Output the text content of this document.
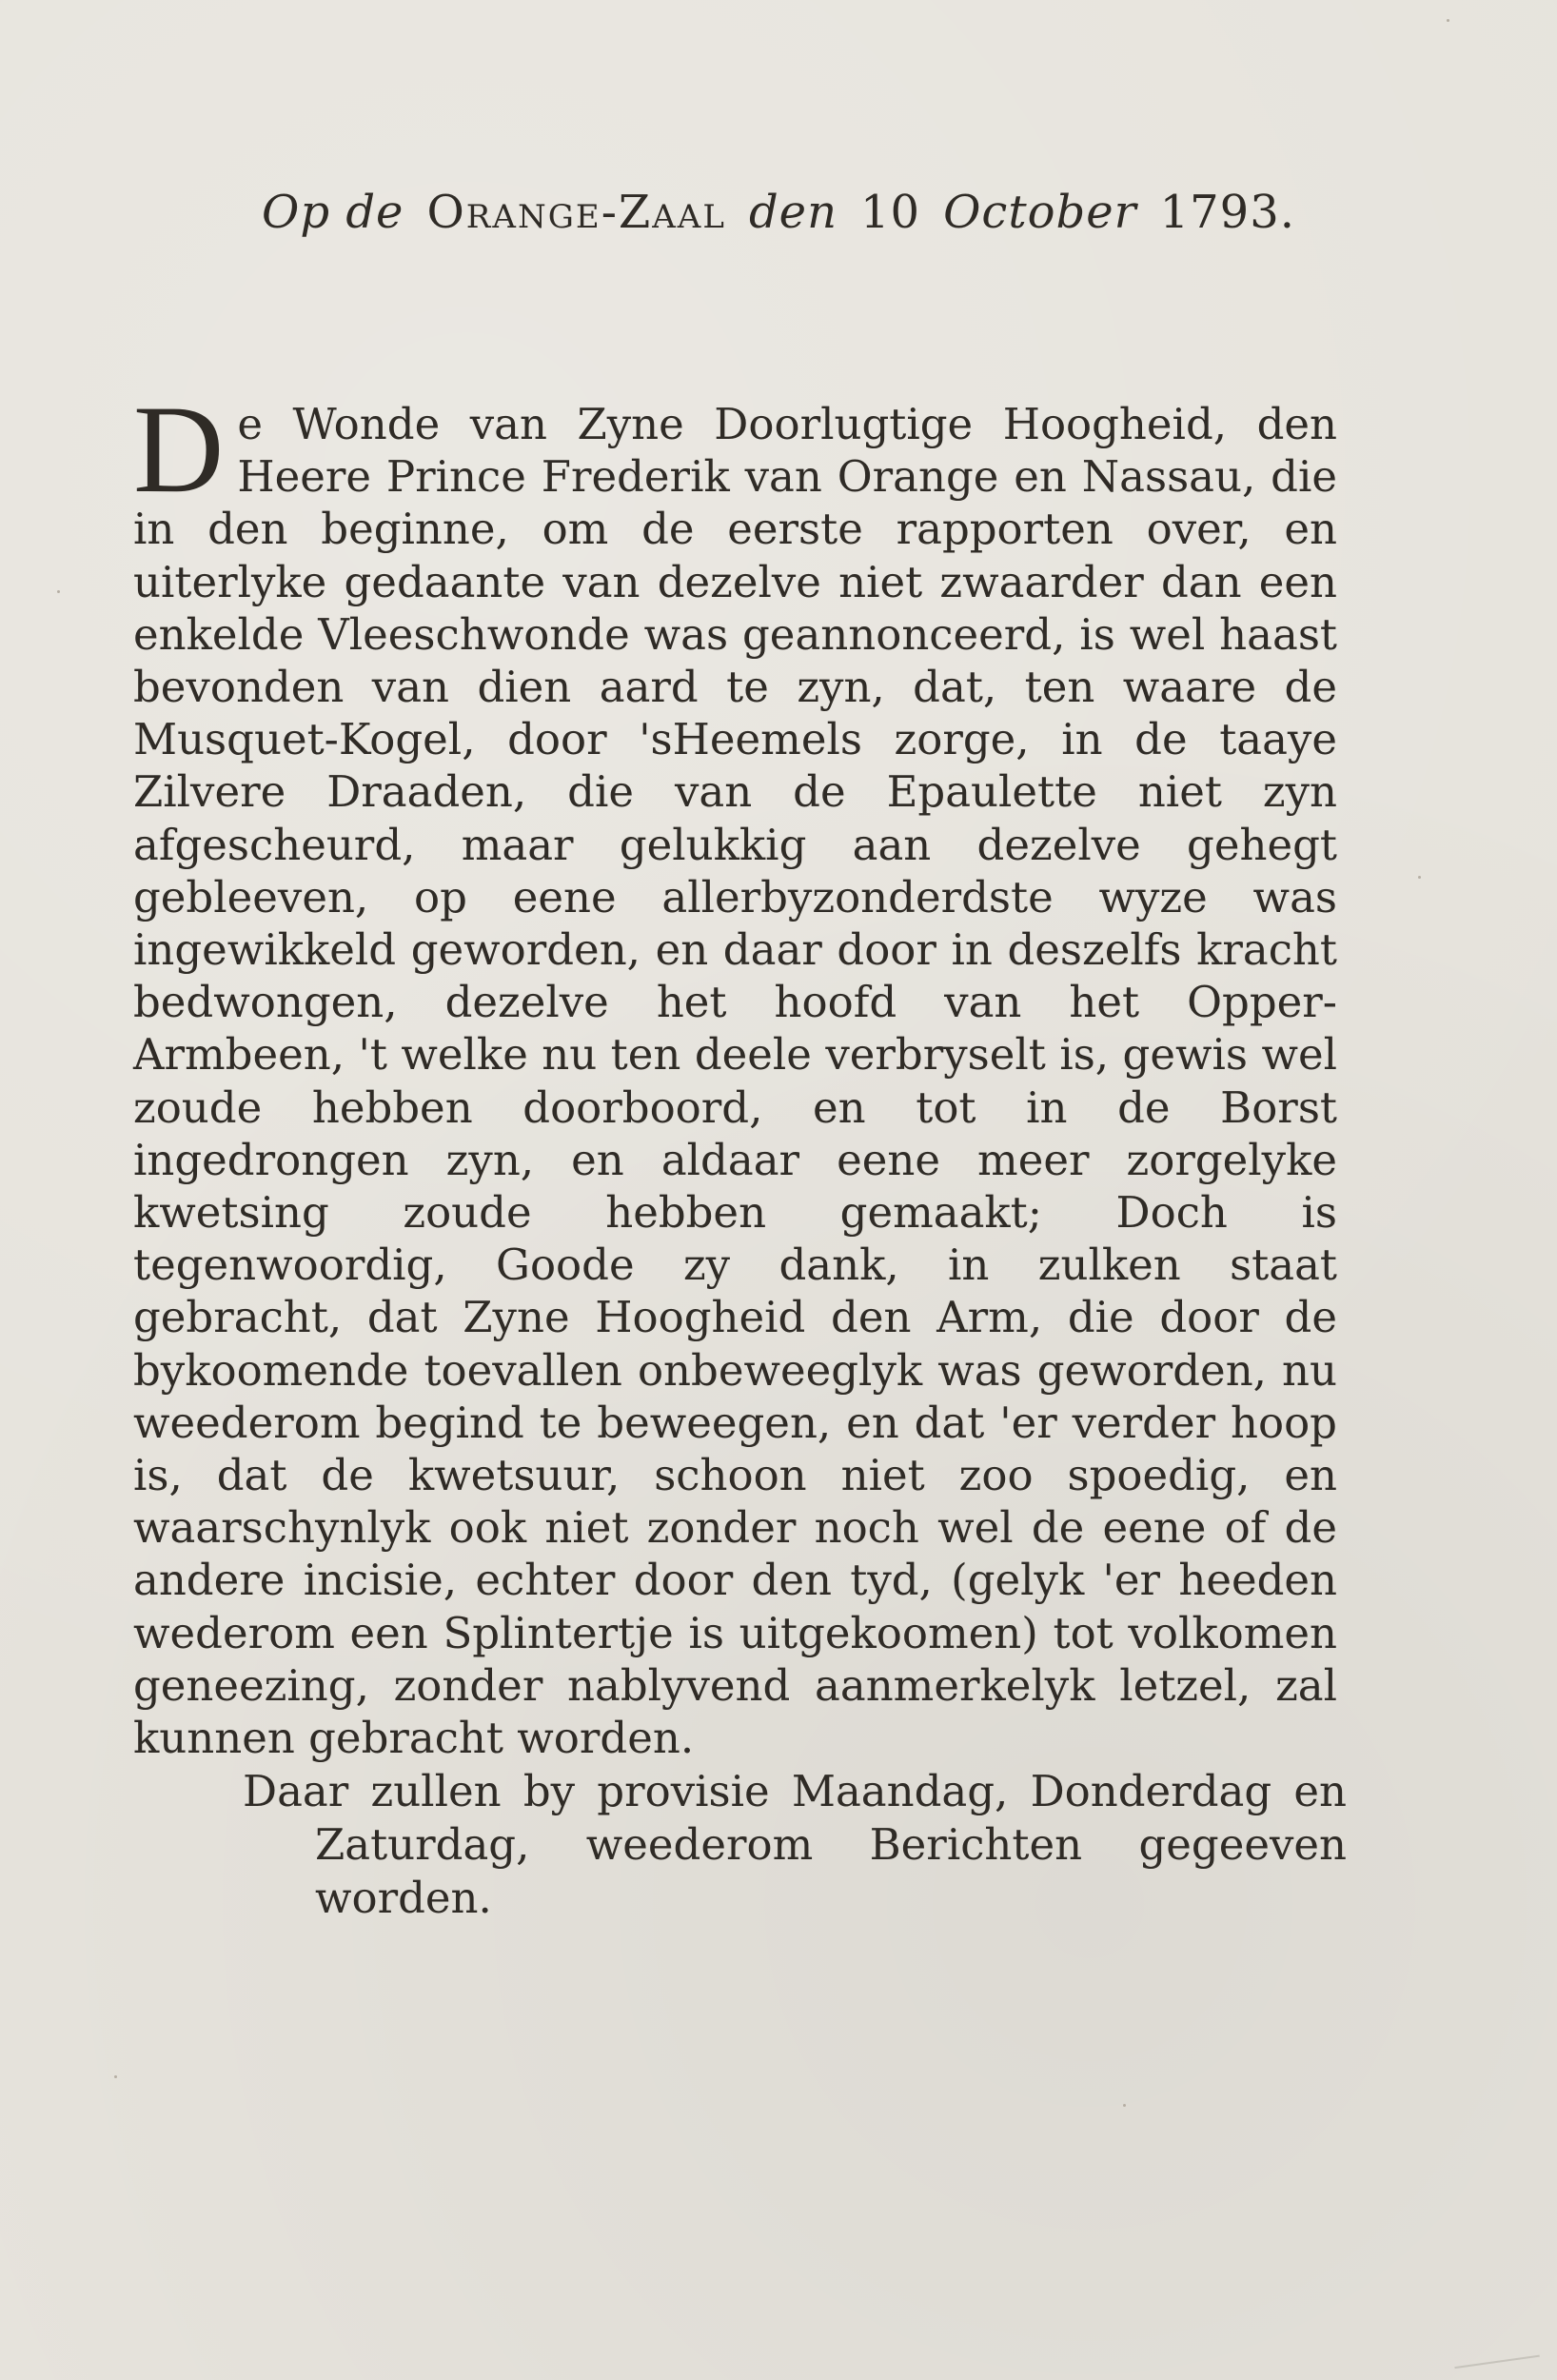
Op de Orange-Zaal den 10 October 1793.
De Wonde van Zyne Doorlugtige Hoogheid, den Heere Prince Frederik van Orange en Nassau, die in den beginne, om de eerste rapporten over, en uiterlyke gedaante van dezelve niet zwaarder dan een enkelde Vleeschwonde was geannonceerd, is wel haast bevonden van dien aard te zyn, dat, ten waare de Musquet-Kogel, door 'sHeemels zorge, in de taaye Zilvere Draaden, die van de Epaulette niet zyn afgescheurd, maar gelukkig aan dezelve gehegt gebleeven, op eene allerbyzonderdste wyze was ingewikkeld geworden, en daar door in deszelfs kracht bedwongen, dezelve het hoofd van het Opper-Armbeen, 't welke nu ten deele verbryselt is, gewis wel zoude hebben doorboord, en tot in de Borst ingedrongen zyn, en aldaar eene meer zorgelyke kwetsing zoude hebben gemaakt; Doch is tegenwoordig, Goode zy dank, in zulken staat gebracht, dat Zyne Hoogheid den Arm, die door de bykoomende toevallen onbeweeglyk was geworden, nu weederom begind te beweegen, en dat 'er verder hoop is, dat de kwetsuur, schoon niet zoo spoedig, en waarschynlyk ook niet zonder noch wel de eene of de andere incisie, echter door den tyd, (gelyk 'er heeden wederom een Splintertje is uitgekoomen) tot volkomen geneezing, zonder nablyvend aanmerkelyk letzel, zal kunnen gebracht worden.
Daar zullen by provisie Maandag, Donderdag en Zaturdag, weederom Berichten gegeeven worden.
